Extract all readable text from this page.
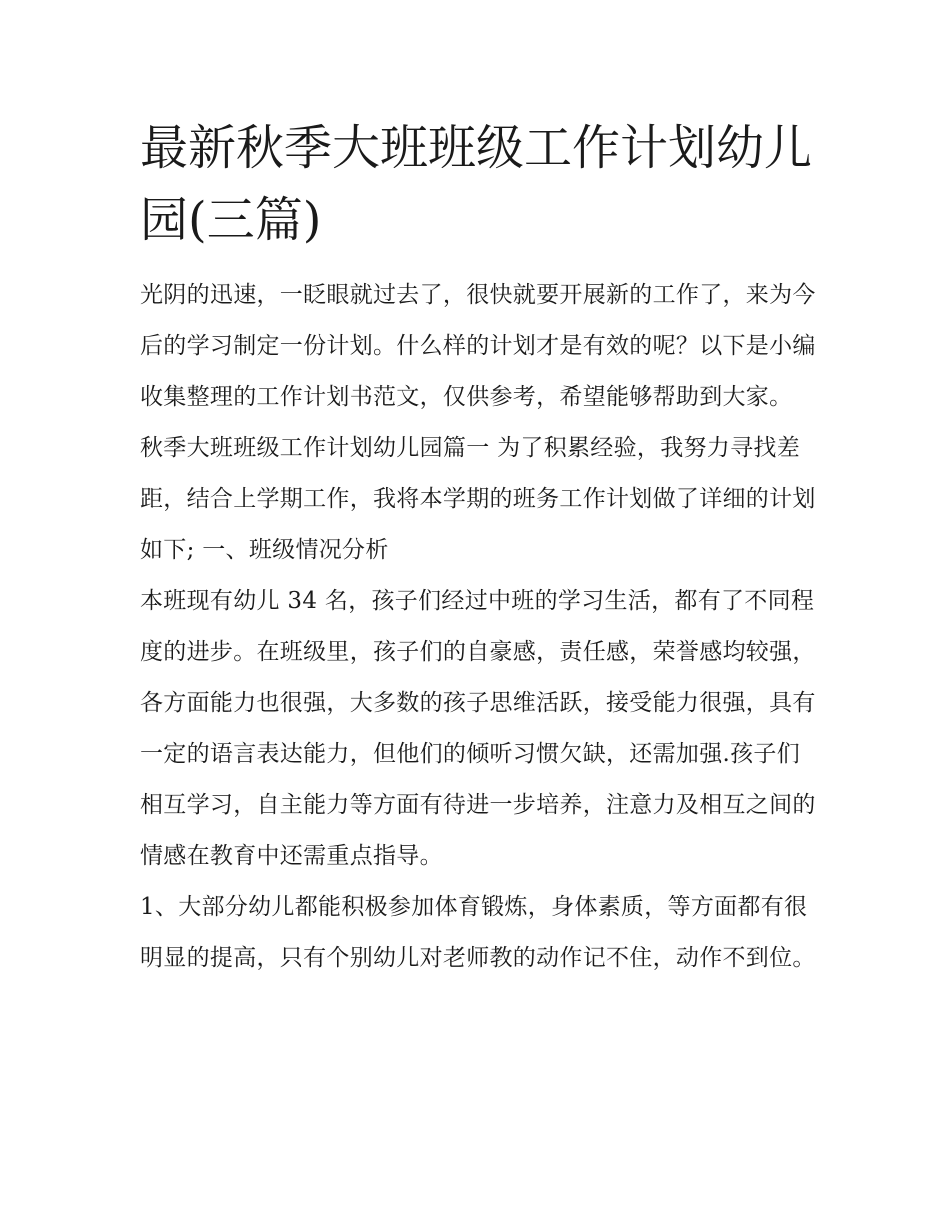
最新秋季大班班级工作计划幼儿园(三篇)

光阴的迅速，一眨眼就过去了，很快就要开展新的工作了，来为今后的学习制定一份计划。什么样的计划才是有效的呢？以下是小编收集整理的工作计划书范文，仅供参考，希望能够帮助到大家。

秋季大班班级工作计划幼儿园篇一 为了积累经验，我努力寻找差距，结合上学期工作，我将本学期的班务工作计划做了详细的计划如下; 一、班级情况分析

本班现有幼儿 34 名，孩子们经过中班的学习生活，都有了不同程度的进步。在班级里，孩子们的自豪感，责任感，荣誉感均较强，各方面能力也很强，大多数的孩子思维活跃，接受能力很强，具有一定的语言表达能力，但他们的倾听习惯欠缺，还需加强.孩子们相互学习，自主能力等方面有待进一步培养，注意力及相互之间的情感在教育中还需重点指导。

1、大部分幼儿都能积极参加体育锻炼，身体素质，等方面都有很明显的提高，只有个别幼儿对老师教的动作记不住，动作不到位。
